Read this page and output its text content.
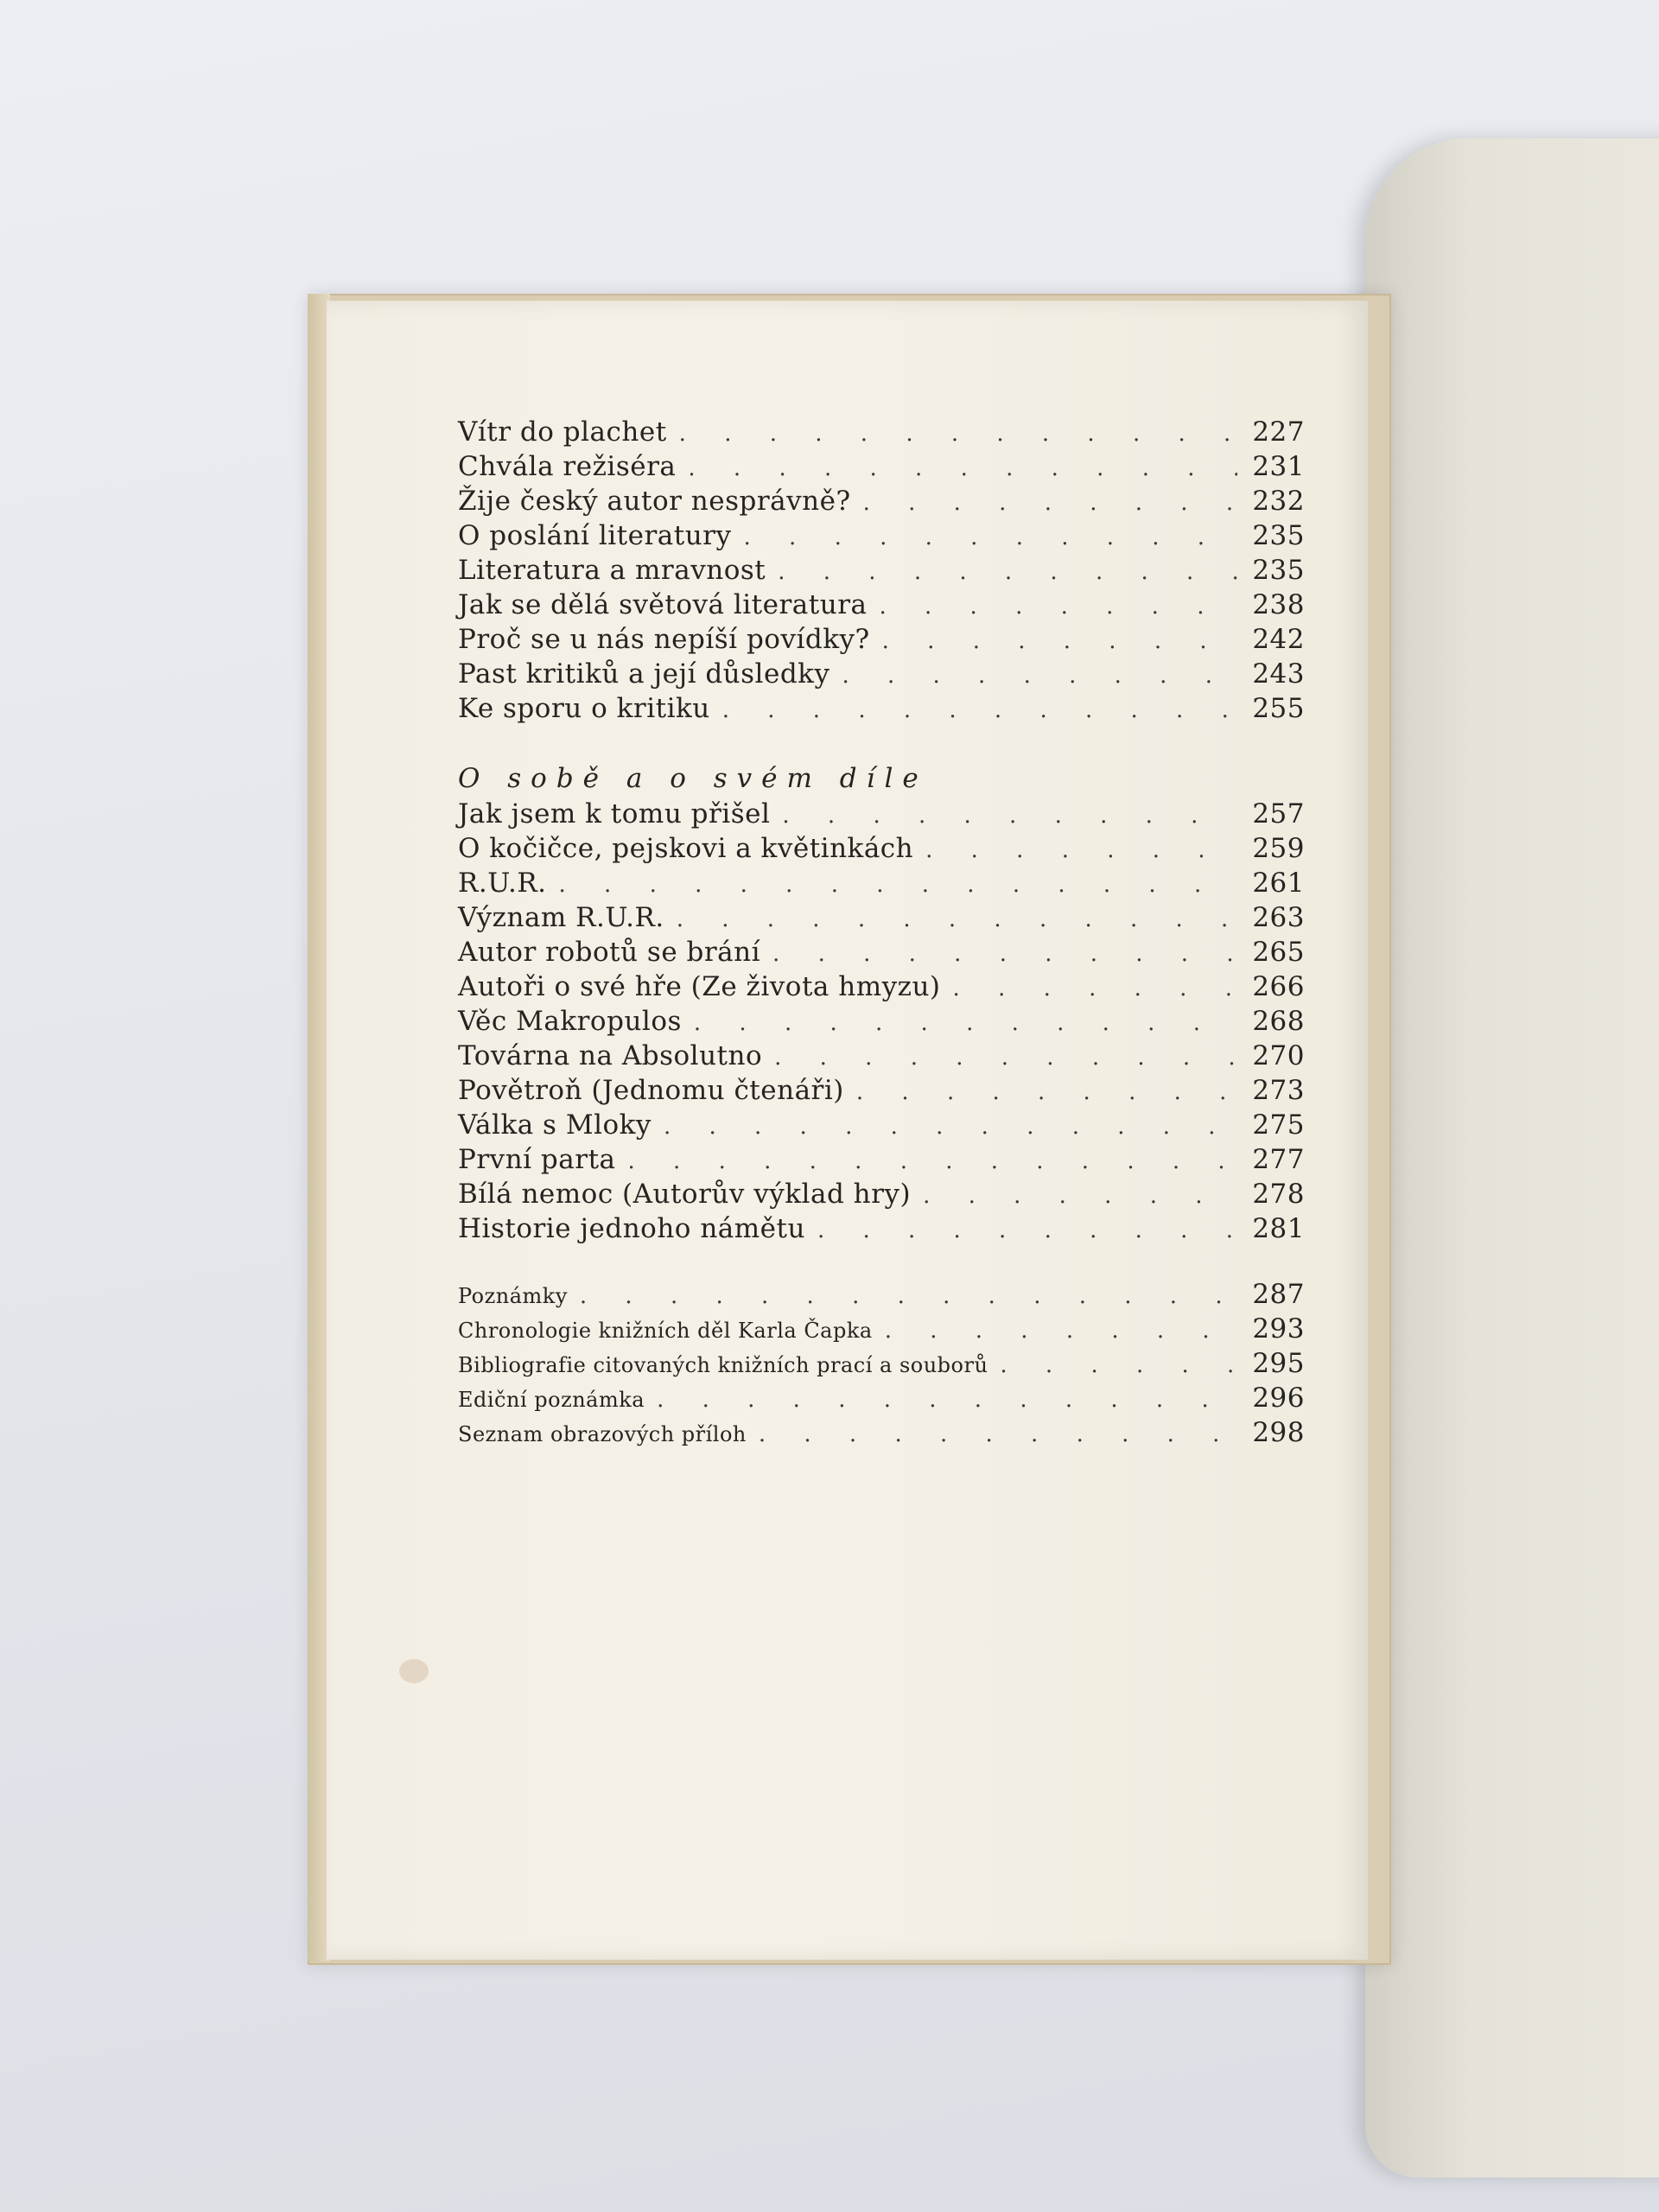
Vítr do plachet . . .	227
Chvála režiséra . . .	231
Žije český autor nesprávně? . . .	232
O poslání literatury . . .	235
Literatura a mravnost . . .	235
Jak se dělá světová literatura . . .	238
Proč se u nás nepíší povídky? . . .	242
Past kritiků a její důsledky . . .	243
Ke sporu o kritiku . . .	255
O sobě a o svém díle
Jak jsem k tomu přišel . . .	257
O kočičce, pejskovi a květinkách . . .	259
R.U.R. . . .	261
Význam R.U.R. . . .	263
Autor robotů se brání . . .	265
Autoři o své hře (Ze života hmyzu) . . .	266
Věc Makropulos . . .	268
Továrna na Absolutno . . .	270
Povětroň (Jednomu čtenáři) . . .	273
Válka s Mloky . . .	275
První parta . . .	277
Bílá nemoc (Autorův výklad hry) . . .	278
Historie jednoho námětu . . .	281
Poznámky . . .	287
Chronologie knižních děl Karla Čapka . . .	293
Bibliografie citovaných knižních prací a souborů . . .	295
Ediční poznámka . . .	296
Seznam obrazových příloh . . .	298
